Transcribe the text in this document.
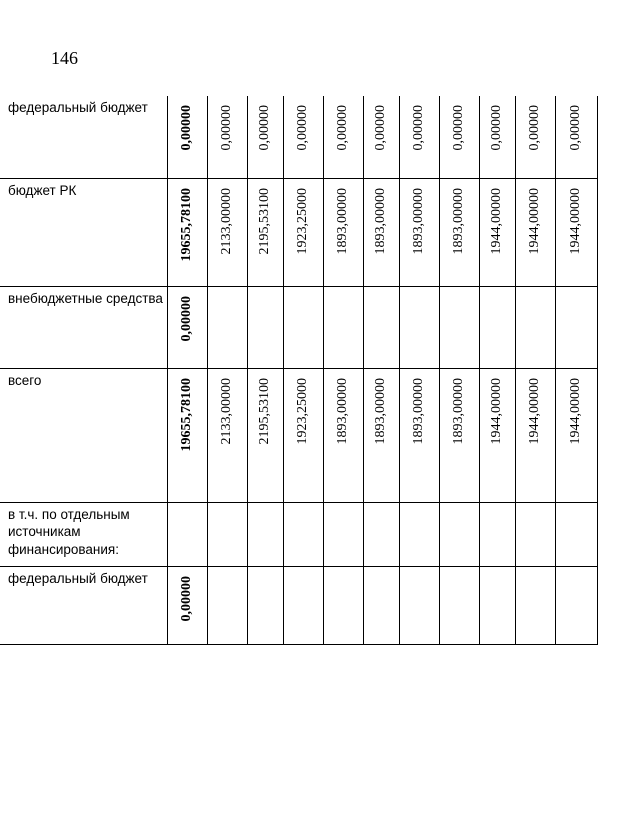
146
федеральный бюджет	0,00000	0,00000	0,00000	0,00000	0,00000	0,00000	0,00000	0,00000	0,00000	0,00000	0,00000

бюджет РК	19655,78100	2133,00000	2195,53100	1923,25000	1893,00000	1893,00000	1893,00000	1893,00000	1944,00000	1944,00000	1944,00000

внебюджетные средства	0,00000										

всего	19655,78100	2133,00000	2195,53100	1923,25000	1893,00000	1893,00000	1893,00000	1893,00000	1944,00000	1944,00000	1944,00000

в т.ч. по отдельным источникам финансирования:											

федеральный бюджет	0,00000										
